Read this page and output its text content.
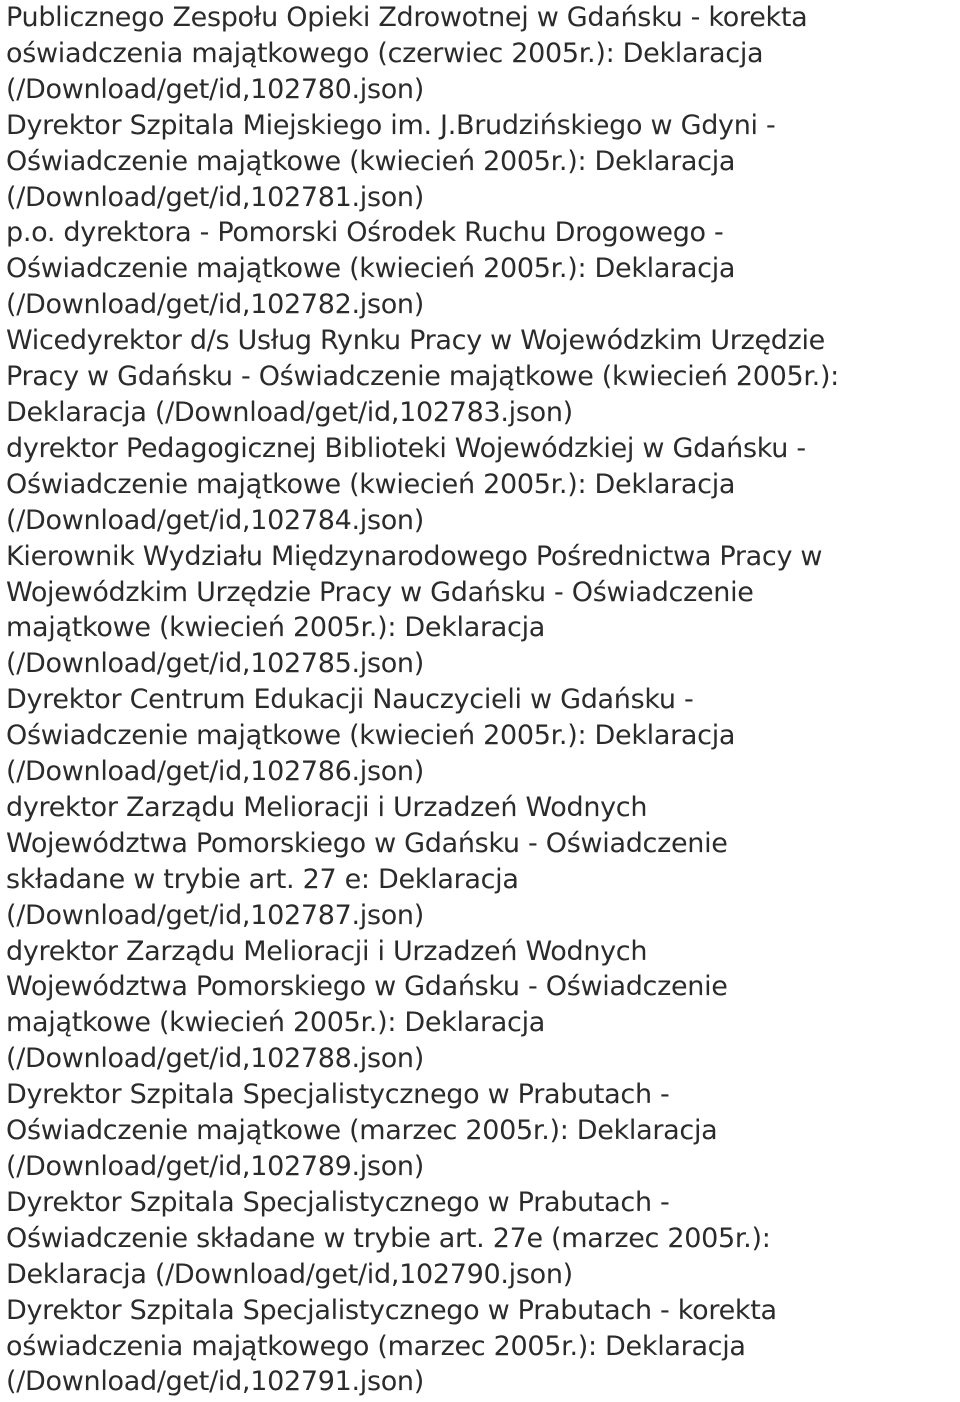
Publicznego Zespołu Opieki Zdrowotnej w Gdańsku - korekta
oświadczenia majątkowego (czerwiec 2005r.): Deklaracja
(/Download/get/id,102780.json)
Dyrektor Szpitala Miejskiego im. J.Brudzińskiego w Gdyni -
Oświadczenie majątkowe (kwiecień 2005r.): Deklaracja
(/Download/get/id,102781.json)
p.o. dyrektora - Pomorski Ośrodek Ruchu Drogowego -
Oświadczenie majątkowe (kwiecień 2005r.): Deklaracja
(/Download/get/id,102782.json)
Wicedyrektor d/s Usług Rynku Pracy w Wojewódzkim Urzędzie
Pracy w Gdańsku - Oświadczenie majątkowe (kwiecień 2005r.):
Deklaracja (/Download/get/id,102783.json)
dyrektor Pedagogicznej Biblioteki Wojewódzkiej w Gdańsku -
Oświadczenie majątkowe (kwiecień 2005r.): Deklaracja
(/Download/get/id,102784.json)
Kierownik Wydziału Międzynarodowego Pośrednictwa Pracy w
Wojewódzkim Urzędzie Pracy w Gdańsku - Oświadczenie
majątkowe (kwiecień 2005r.): Deklaracja
(/Download/get/id,102785.json)
Dyrektor Centrum Edukacji Nauczycieli w Gdańsku -
Oświadczenie majątkowe (kwiecień 2005r.): Deklaracja
(/Download/get/id,102786.json)
dyrektor Zarządu Melioracji i Urzadzeń Wodnych
Województwa Pomorskiego w Gdańsku - Oświadczenie
składane w trybie art. 27 e: Deklaracja
(/Download/get/id,102787.json)
dyrektor Zarządu Melioracji i Urzadzeń Wodnych
Województwa Pomorskiego w Gdańsku - Oświadczenie
majątkowe (kwiecień 2005r.): Deklaracja
(/Download/get/id,102788.json)
Dyrektor Szpitala Specjalistycznego w Prabutach -
Oświadczenie majątkowe (marzec 2005r.): Deklaracja
(/Download/get/id,102789.json)
Dyrektor Szpitala Specjalistycznego w Prabutach -
Oświadczenie składane w trybie art. 27e (marzec 2005r.):
Deklaracja (/Download/get/id,102790.json)
Dyrektor Szpitala Specjalistycznego w Prabutach - korekta
oświadczenia majątkowego (marzec 2005r.): Deklaracja
(/Download/get/id,102791.json)
